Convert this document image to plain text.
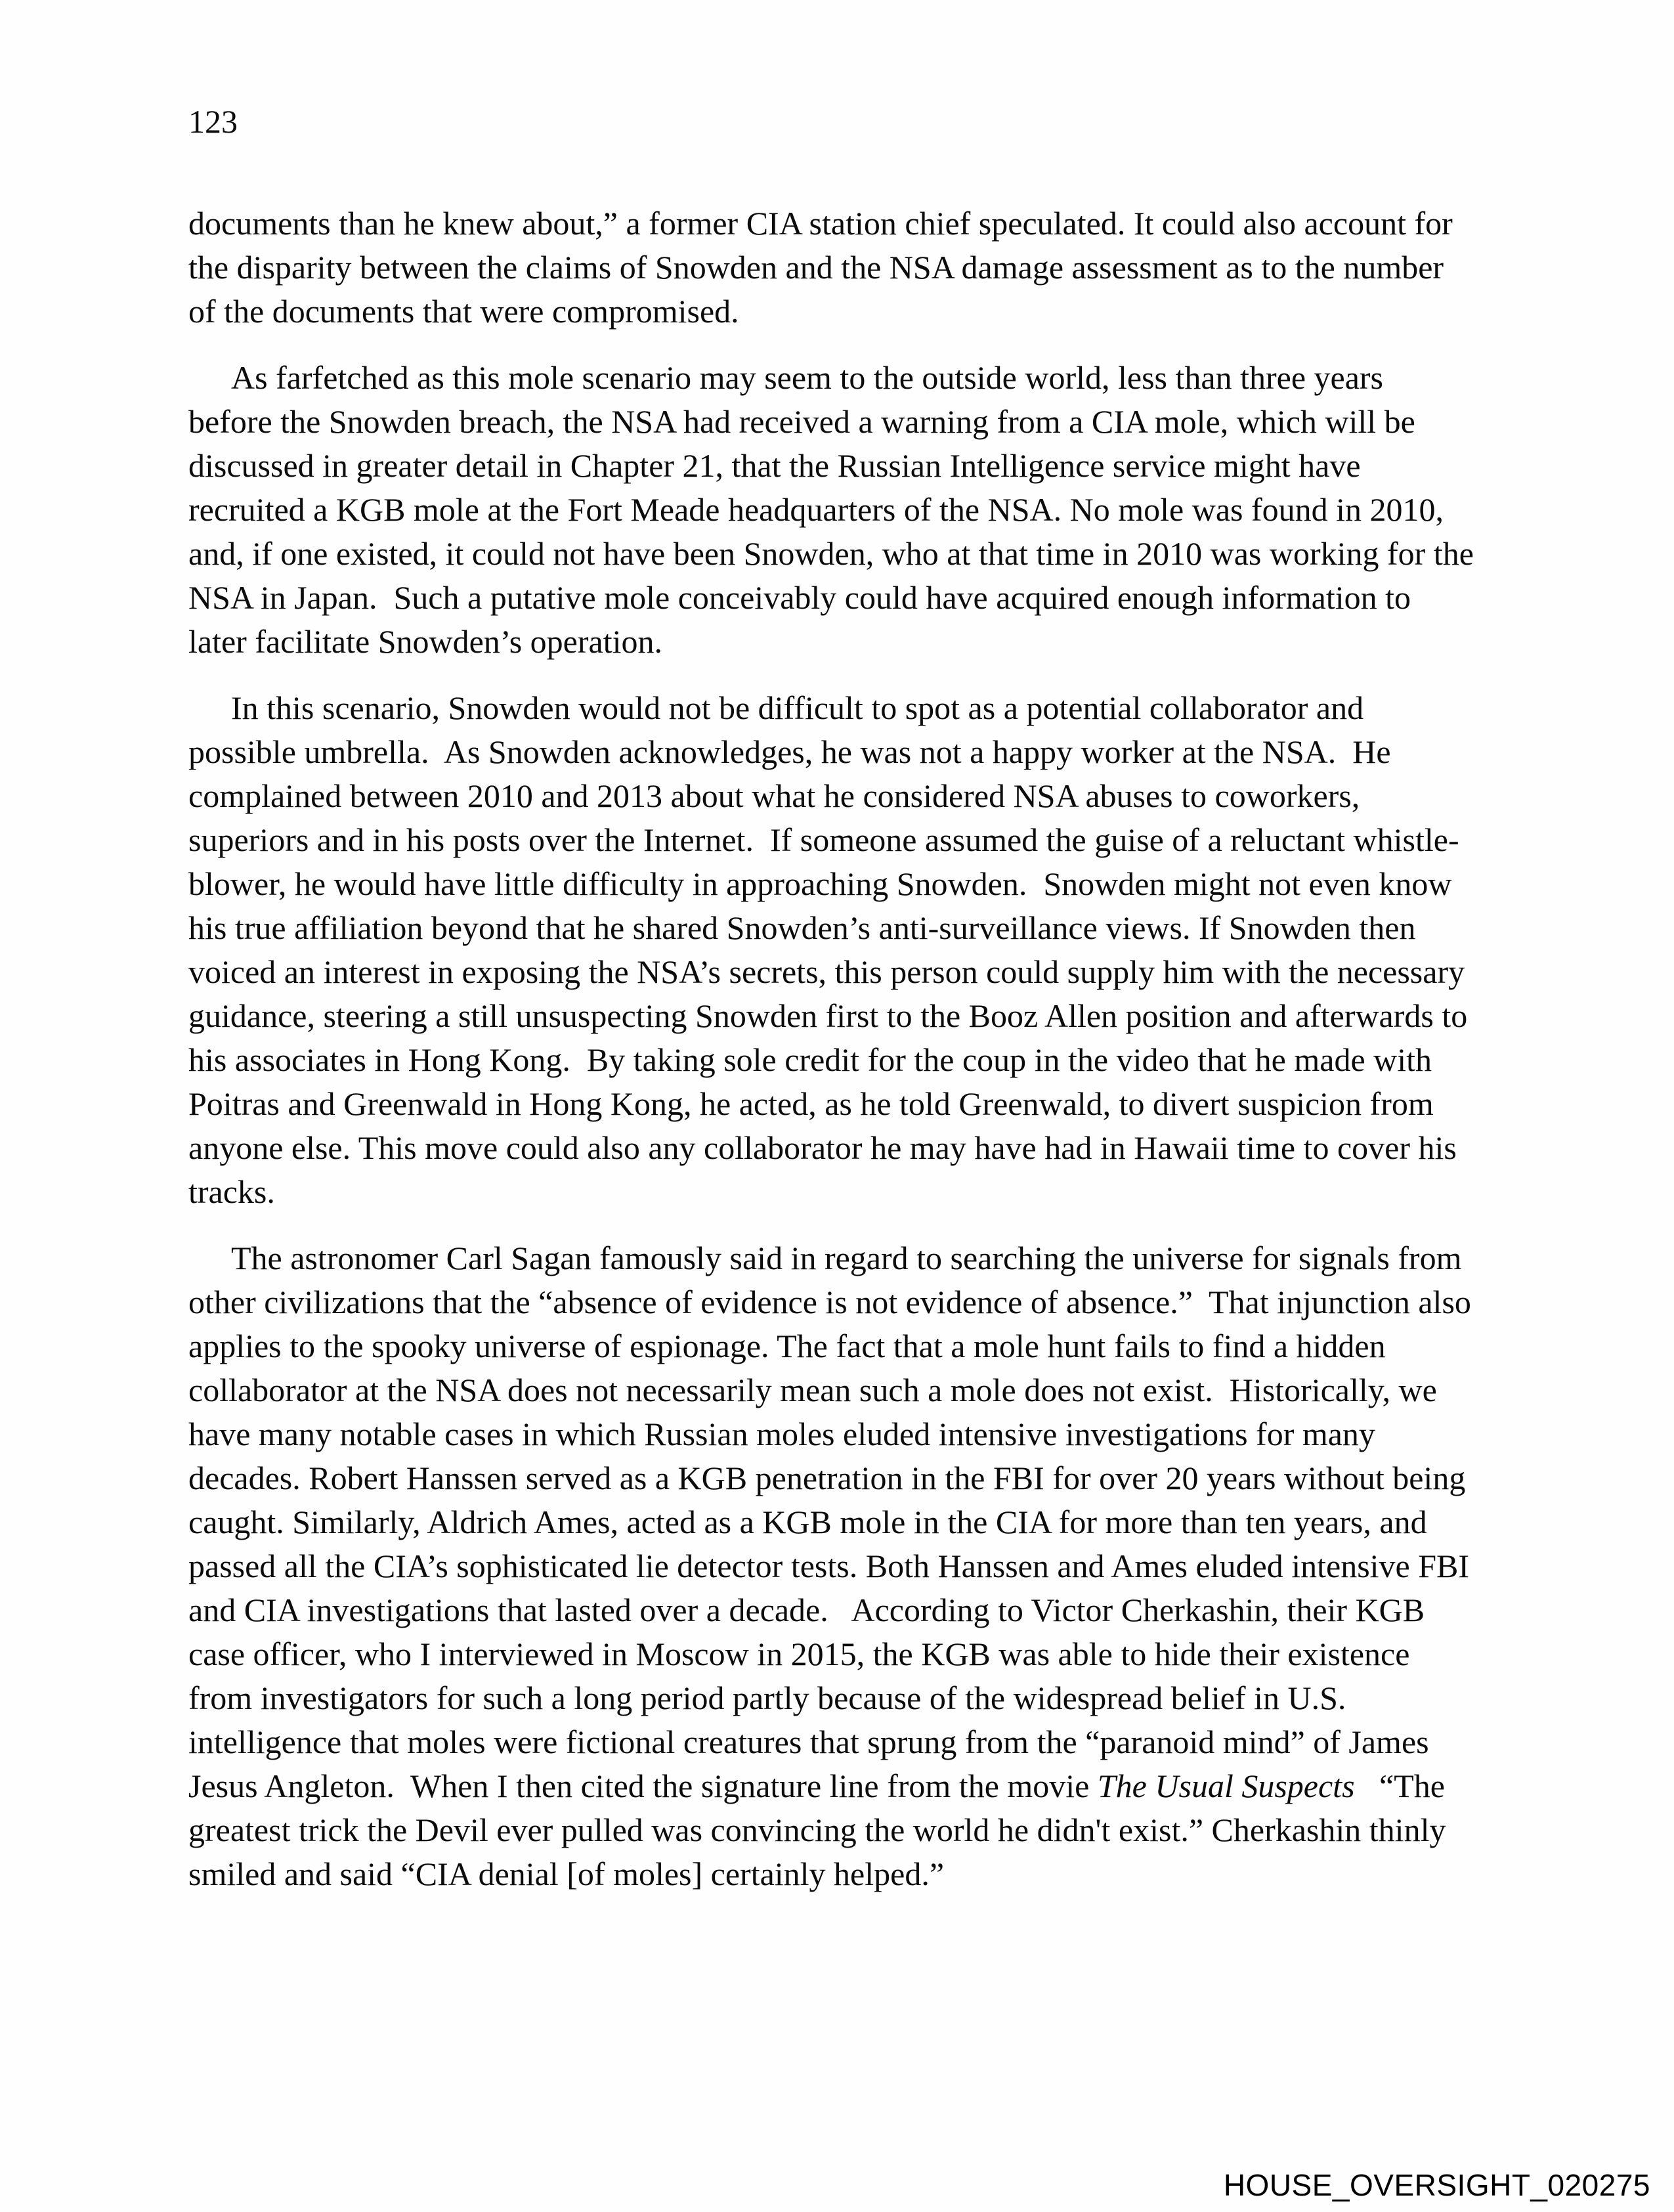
123

documents than he knew about,” a former CIA station chief speculated. It could also account for the disparity between the claims of Snowden and the NSA damage assessment as to the number of the documents that were compromised.

As farfetched as this mole scenario may seem to the outside world, less than three years before the Snowden breach, the NSA had received a warning from a CIA mole, which will be discussed in greater detail in Chapter 21, that the Russian Intelligence service might have recruited a KGB mole at the Fort Meade headquarters of the NSA. No mole was found in 2010, and, if one existed, it could not have been Snowden, who at that time in 2010 was working for the NSA in Japan.  Such a putative mole conceivably could have acquired enough information to later facilitate Snowden’s operation.

In this scenario, Snowden would not be difficult to spot as a potential collaborator and possible umbrella.  As Snowden acknowledges, he was not a happy worker at the NSA.  He complained between 2010 and 2013 about what he considered NSA abuses to coworkers, superiors and in his posts over the Internet.  If someone assumed the guise of a reluctant whistle-blower, he would have little difficulty in approaching Snowden.  Snowden might not even know his true affiliation beyond that he shared Snowden’s anti-surveillance views. If Snowden then voiced an interest in exposing the NSA’s secrets, this person could supply him with the necessary guidance, steering a still unsuspecting Snowden first to the Booz Allen position and afterwards to his associates in Hong Kong.  By taking sole credit for the coup in the video that he made with Poitras and Greenwald in Hong Kong, he acted, as he told Greenwald, to divert suspicion from anyone else. This move could also any collaborator he may have had in Hawaii time to cover his tracks.

The astronomer Carl Sagan famously said in regard to searching the universe for signals from other civilizations that the “absence of evidence is not evidence of absence.”  That injunction also applies to the spooky universe of espionage. The fact that a mole hunt fails to find a hidden collaborator at the NSA does not necessarily mean such a mole does not exist.  Historically, we have many notable cases in which Russian moles eluded intensive investigations for many decades. Robert Hanssen served as a KGB penetration in the FBI for over 20 years without being caught. Similarly, Aldrich Ames, acted as a KGB mole in the CIA for more than ten years, and passed all the CIA’s sophisticated lie detector tests. Both Hanssen and Ames eluded intensive FBI and CIA investigations that lasted over a decade.   According to Victor Cherkashin, their KGB case officer, who I interviewed in Moscow in 2015, the KGB was able to hide their existence from investigators for such a long period partly because of the widespread belief in U.S. intelligence that moles were fictional creatures that sprung from the “paranoid mind” of James Jesus Angleton.  When I then cited the signature line from the movie The Usual Suspects   “The greatest trick the Devil ever pulled was convincing the world he didn't exist.” Cherkashin thinly smiled and said “CIA denial [of moles] certainly helped.”

HOUSE_OVERSIGHT_020275
